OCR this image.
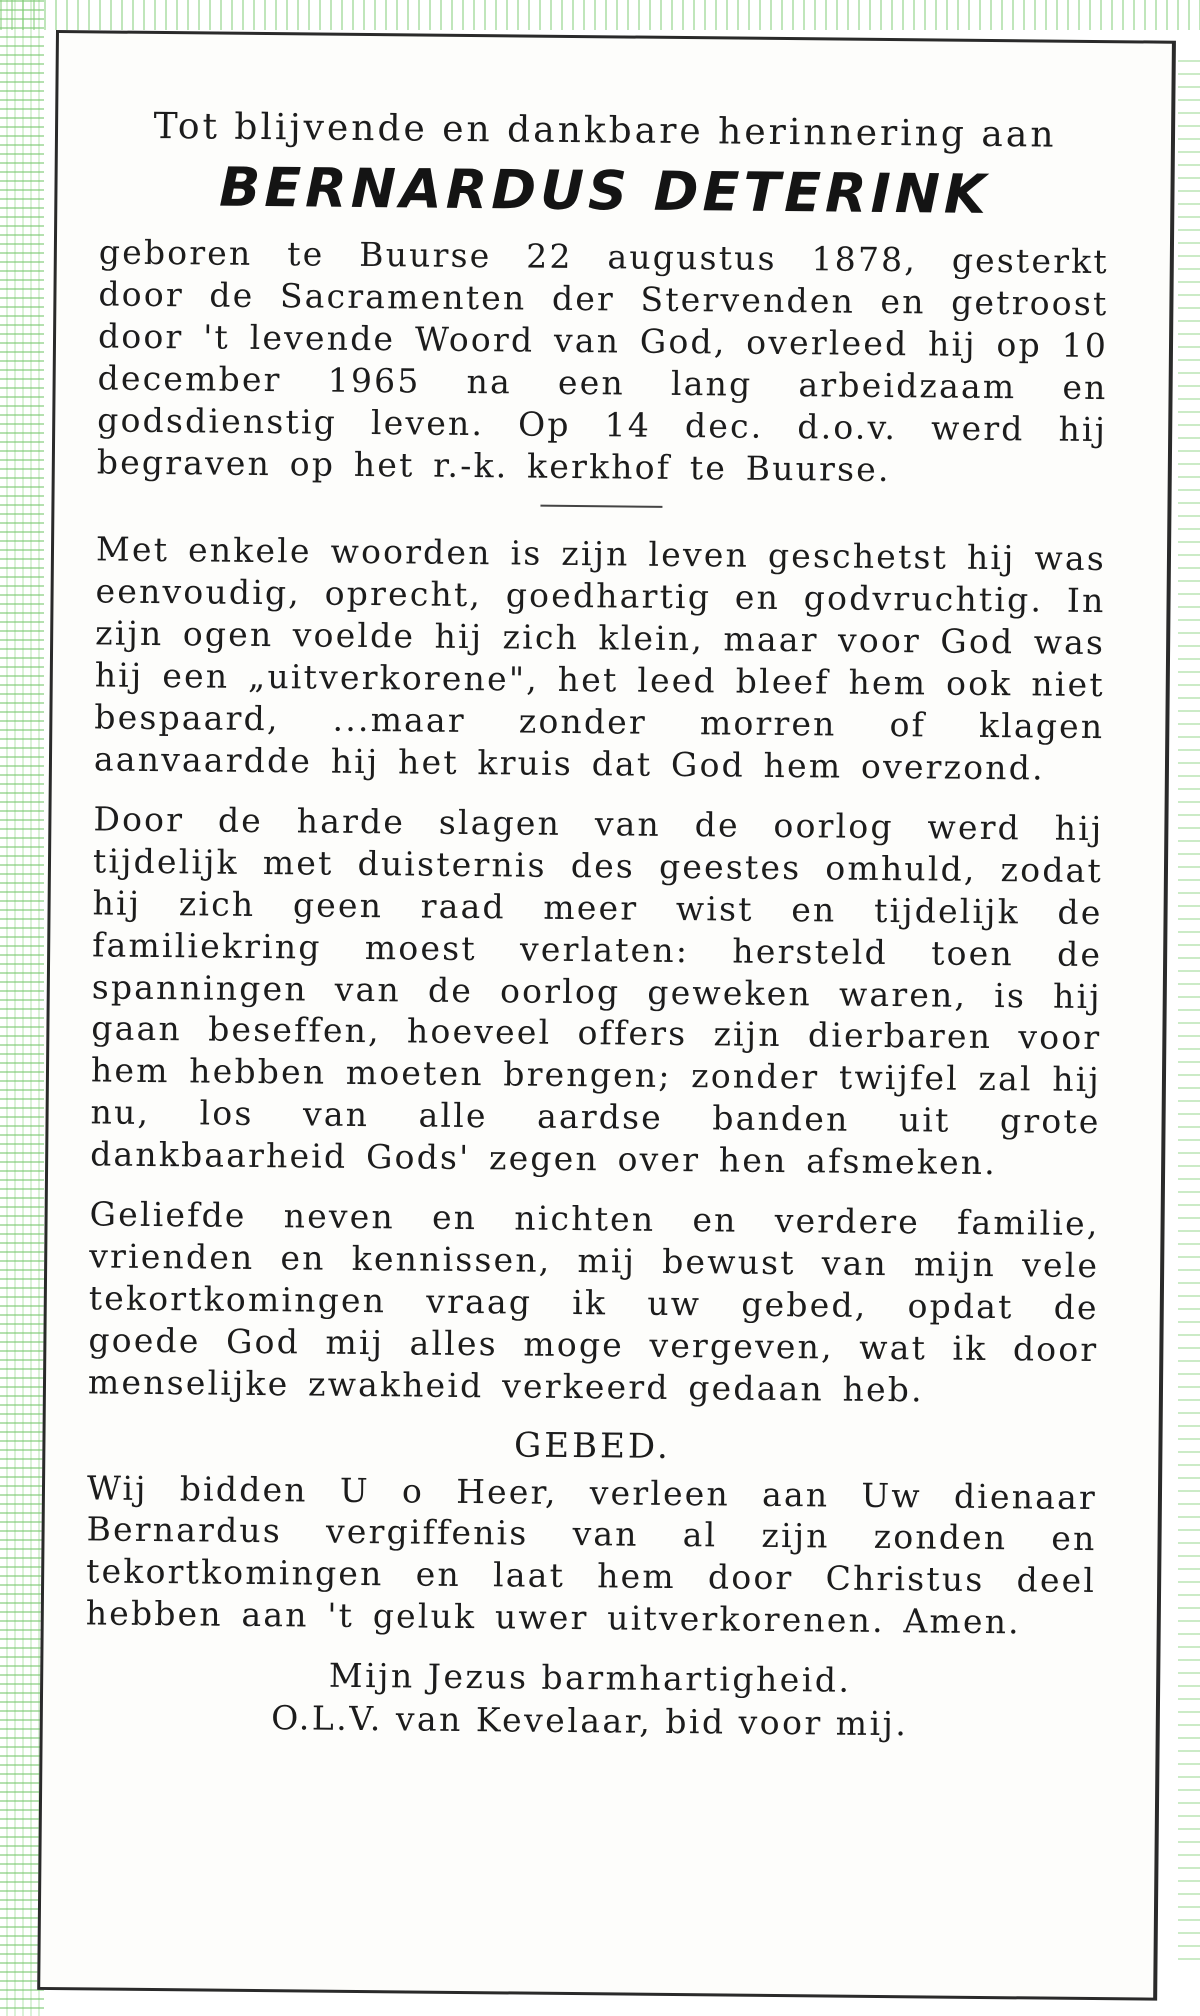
Tot blijvende en dankbare herinnering aan

BERNARDUS DETERINK

geboren te Buurse 22 augustus 1878, gesterkt door de Sacramenten der Stervenden en getroost door 't levende Woord van God, overleed hij op 10 december 1965 na een lang arbeidzaam en godsdienstig leven. Op 14 dec. d.o.v. werd hij begraven op het r.-k. kerkhof te Buurse.

Met enkele woorden is zijn leven geschetst hij was eenvoudig, oprecht, goedhartig en godvruchtig. In zijn ogen voelde hij zich klein, maar voor God was hij een „uitverkorene", het leed bleef hem ook niet bespaard, ...maar zonder morren of klagen aanvaardde hij het kruis dat God hem overzond.

Door de harde slagen van de oorlog werd hij tijdelijk met duisternis des geestes omhuld, zodat hij zich geen raad meer wist en tijdelijk de familiekring moest verlaten: hersteld toen de spanningen van de oorlog geweken waren, is hij gaan beseffen, hoeveel offers zijn dierbaren voor hem hebben moeten brengen; zonder twijfel zal hij nu, los van alle aardse banden uit grote dankbaarheid Gods' zegen over hen afsmeken.

Geliefde neven en nichten en verdere familie, vrienden en kennissen, mij bewust van mijn vele tekortkomingen vraag ik uw gebed, opdat de goede God mij alles moge vergeven, wat ik door menselijke zwakheid verkeerd gedaan heb.

GEBED.

Wij bidden U o Heer, verleen aan Uw dienaar Bernardus vergiffenis van al zijn zonden en tekortkomingen en laat hem door Christus deel hebben aan 't geluk uwer uitverkorenen. Amen.

Mijn Jezus barmhartigheid.
O.L.V. van Kevelaar, bid voor mij.
